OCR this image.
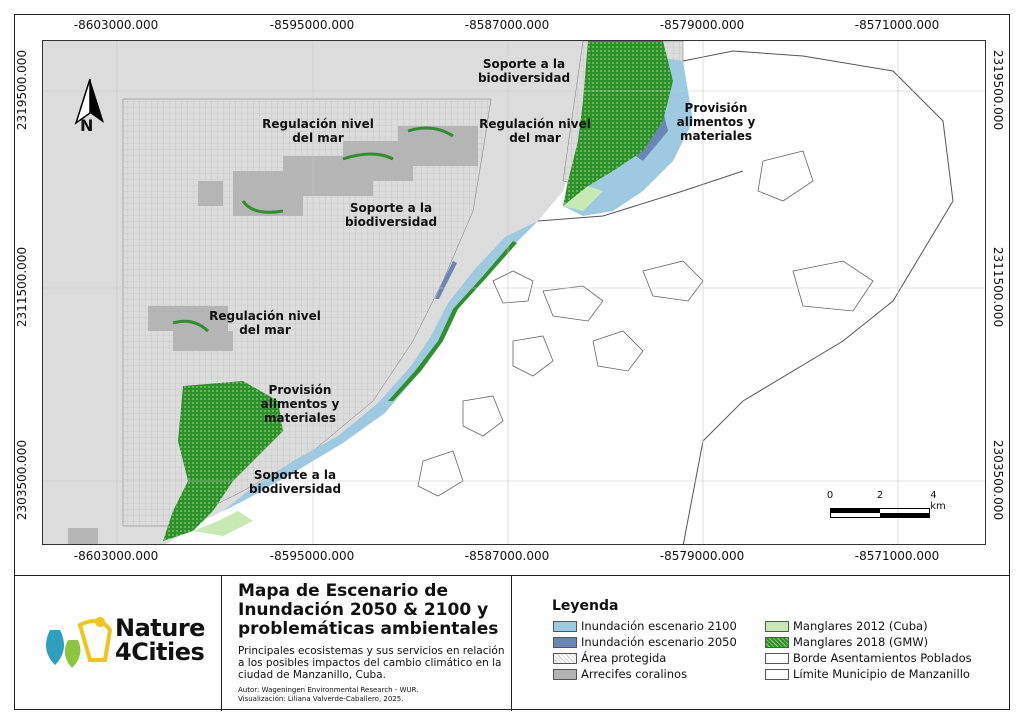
-8603000.000	-8595000.000	-8587000.000	-8579000.000	-8571000.000
-8603000.000	-8595000.000	-8587000.000	-8579000.000	-8571000.000
2319500.000
2311500.000
2303500.000
2319500.000
2311500.000
2303500.000
Soporte a la
biodiversidad
Regulación nivel
del mar
Regulación nivel
del mar
Provisión
alimentos y
materiales
Soporte a la
biodiversidad
Regulación nivel
del mar
Provisión
alimentos y
materiales
Soporte a la
biodiversidad
N
0	2	4 km
Nature
4Cities
Mapa de Escenario de Inundación 2050 & 2100 y problemáticas ambientales
Principales ecosistemas y sus servicios en relación a los posibles impactos del cambio climático en la ciudad de Manzanillo, Cuba.
Autor: Wageningen Environmental Research - WUR.
Visualización: Liliana Valverde-Caballero, 2025.
Leyenda
Inundación escenario 2100
Inundación escenario 2050
Área protegida
Arrecifes coralinos
Manglares 2012 (Cuba)
Manglares 2018 (GMW)
Borde Asentamientos Poblados
Límite Municipio de Manzanillo
